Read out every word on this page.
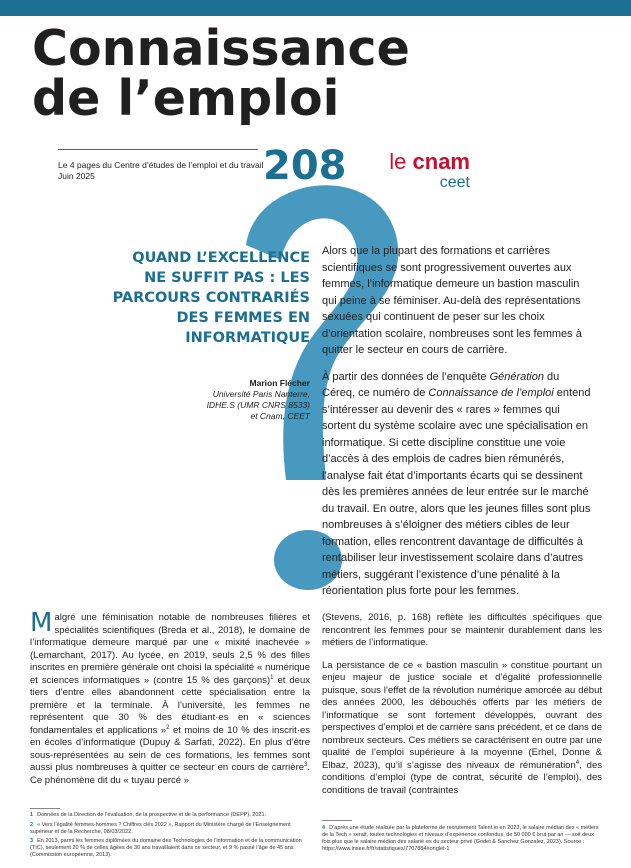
Connaissance
de l’emploi
Le 4 pages du Centre d’études de l’emploi et du travail
Juin 2025	208	le cnam
ceet
QUAND L’EXCELLENCE
NE SUFFIT PAS : LES
PARCOURS CONTRARIÉS
DES FEMMES EN
INFORMATIQUE
Marion Flécher
Université Paris Nanterre,
IDHE.S (UMR CNRS 8533)
et Cnam, CEET

Alors que la plupart des formations et carrières scientifiques se sont progressivement ouvertes aux femmes, l’informatique demeure un bastion masculin qui peine à se féminiser. Au-delà des représentations sexuées qui continuent de peser sur les choix d’orientation scolaire, nombreuses sont les femmes à quitter le secteur en cours de carrière.

À partir des données de l’enquête Génération du Céreq, ce numéro de Connaissance de l’emploi entend s’intéresser au devenir des « rares » femmes qui sortent du système scolaire avec une spécialisation en informatique. Si cette discipline constitue une voie d’accès à des emplois de cadres bien rémunérés, l’analyse fait état d’importants écarts qui se dessinent dès les premières années de leur entrée sur le marché du travail. En outre, alors que les jeunes filles sont plus nombreuses à s’éloigner des métiers cibles de leur formation, elles rencontrent davantage de difficultés à rentabiliser leur investissement scolaire dans d’autres métiers, suggérant l’existence d’une pénalité à la réorientation plus forte pour les femmes.

Malgré une féminisation notable de nombreuses filières et spécialités scientifiques (Breda et al., 2018), le domaine de l’informatique demeure marqué par une « mixité inachevée » (Lemarchant, 2017). Au lycée, en 2019, seuls 2,5 % des filles inscrites en première générale ont choisi la spécialité « numérique et sciences informatiques » (contre 15 % des garçons)$^1$ et deux tiers d’entre elles abandonnent cette spécialisation entre la première et la terminale. À l’université, les femmes ne représentent que 30 % des étudiant·es en « sciences fondamentales et applications »$^2$ et moins de 10 % des inscrit·es en écoles d’informatique (Dupuy & Sarfati, 2022). En plus d’être sous-représentées au sein de ces formations, les femmes sont aussi plus nombreuses à quitter ce secteur en cours de carrière$^3$. Ce phénomène dit du « tuyau percé »

(Stevens, 2016, p. 168) reflète les difficultés spécifiques que rencontrent les femmes pour se maintenir durablement dans les métiers de l’informatique.

La persistance de ce « bastion masculin » constitue pourtant un enjeu majeur de justice sociale et d’égalité professionnelle puisque, sous l’effet de la révolution numérique amorcée au début des années 2000, les débouchés offerts par les métiers de l’informatique se sont fortement développés, ouvrant des perspectives d’emploi et de carrière sans précédent, et ce dans de nombreux secteurs. Ces métiers se caractérisent en outre par une qualité de l’emploi supérieure à la moyenne (Erhel, Donne & Elbaz, 2023), qu’il s’agisse des niveaux de rémunération$^4$, des conditions d’emploi (type de contrat, sécurité de l’emploi), des conditions de travail (contraintes

1 Données de la Direction de l’évaluation, de la prospective et de la performance (DEPP), 2021.
2 « Vers l’égalité femmes-hommes ? Chiffres clés 2022 », Rapport du Ministère chargé de l’Enseignement supérieur et de la Recherche, 08/03/2022.
3 En 2013, parmi les femmes diplômées du domaine des Technologies de l’information et de la communication (TIC), seulement 20 % de celles âgées de 30 ans travaillaient dans ce secteur, et 9 % passé l’âge de 45 ans (Commission européenne, 2013).
4 D’après une étude réalisée par la plateforme de recrutement Talent.io en 2023, le salaire médian des « métiers de la Tech » serait, toutes technologies et niveaux d’expérience confondus, de 50 000 € brut par an — soit deux fois plus que le salaire médian des salarié·es du secteur privé (Godet & Sanchez Gonzalez, 2023). Source : https://www.insee.fr/fr/statistiques/7707884#onglet-1
